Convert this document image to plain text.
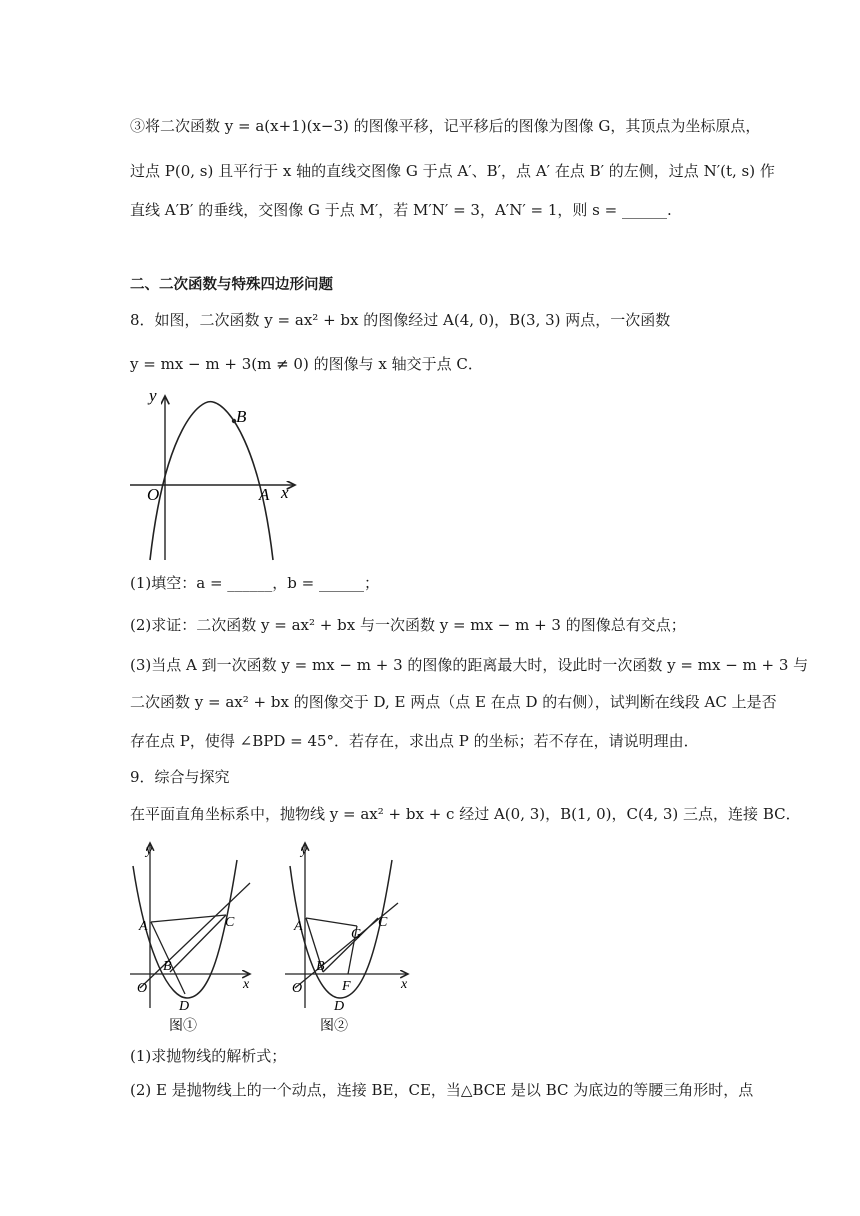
③将二次函数 y = a(x+1)(x−3) 的图像平移，记平移后的图像为图像 G，其顶点为坐标原点，
过点 P(0, s) 且平行于 x 轴的直线交图像 G 于点 A′、B′，点 A′ 在点 B′ 的左侧，过点 N′(t, s) 作
直线 A′B′ 的垂线，交图像 G 于点 M′，若 M′N′ = 3，A′N′ = 1，则 s = ______.
二、二次函数与特殊四边形问题
8．如图，二次函数 y = ax² + bx 的图像经过 A(4, 0)，B(3, 3) 两点，一次函数
y = mx − m + 3(m ≠ 0) 的图像与 x 轴交于点 C．
y
x
O	A
B
(1)填空：a = ______，b = ______；
(2)求证：二次函数 y = ax² + bx 与一次函数 y = mx − m + 3 的图像总有交点；
(3)当点 A 到一次函数 y = mx − m + 3 的图像的距离最大时，设此时一次函数 y = mx − m + 3 与
二次函数 y = ax² + bx 的图像交于 D, E 两点（点 E 在点 D 的右侧），试判断在线段 AC 上是否
存在点 P，使得 ∠BPD = 45°．若存在，求出点 P 的坐标；若不存在，请说明理由．
9．综合与探究
在平面直角坐标系中，抛物线 y = ax² + bx + c 经过 A(0, 3)，B(1, 0)，C(4, 3) 三点，连接 BC．
y
x
O
A
B
C
D
图①
y
x
O
A
B
C
D
F
G
图②
(1)求抛物线的解析式；
(2) E 是抛物线上的一个动点，连接 BE，CE，当△BCE 是以 BC 为底边的等腰三角形时，点
